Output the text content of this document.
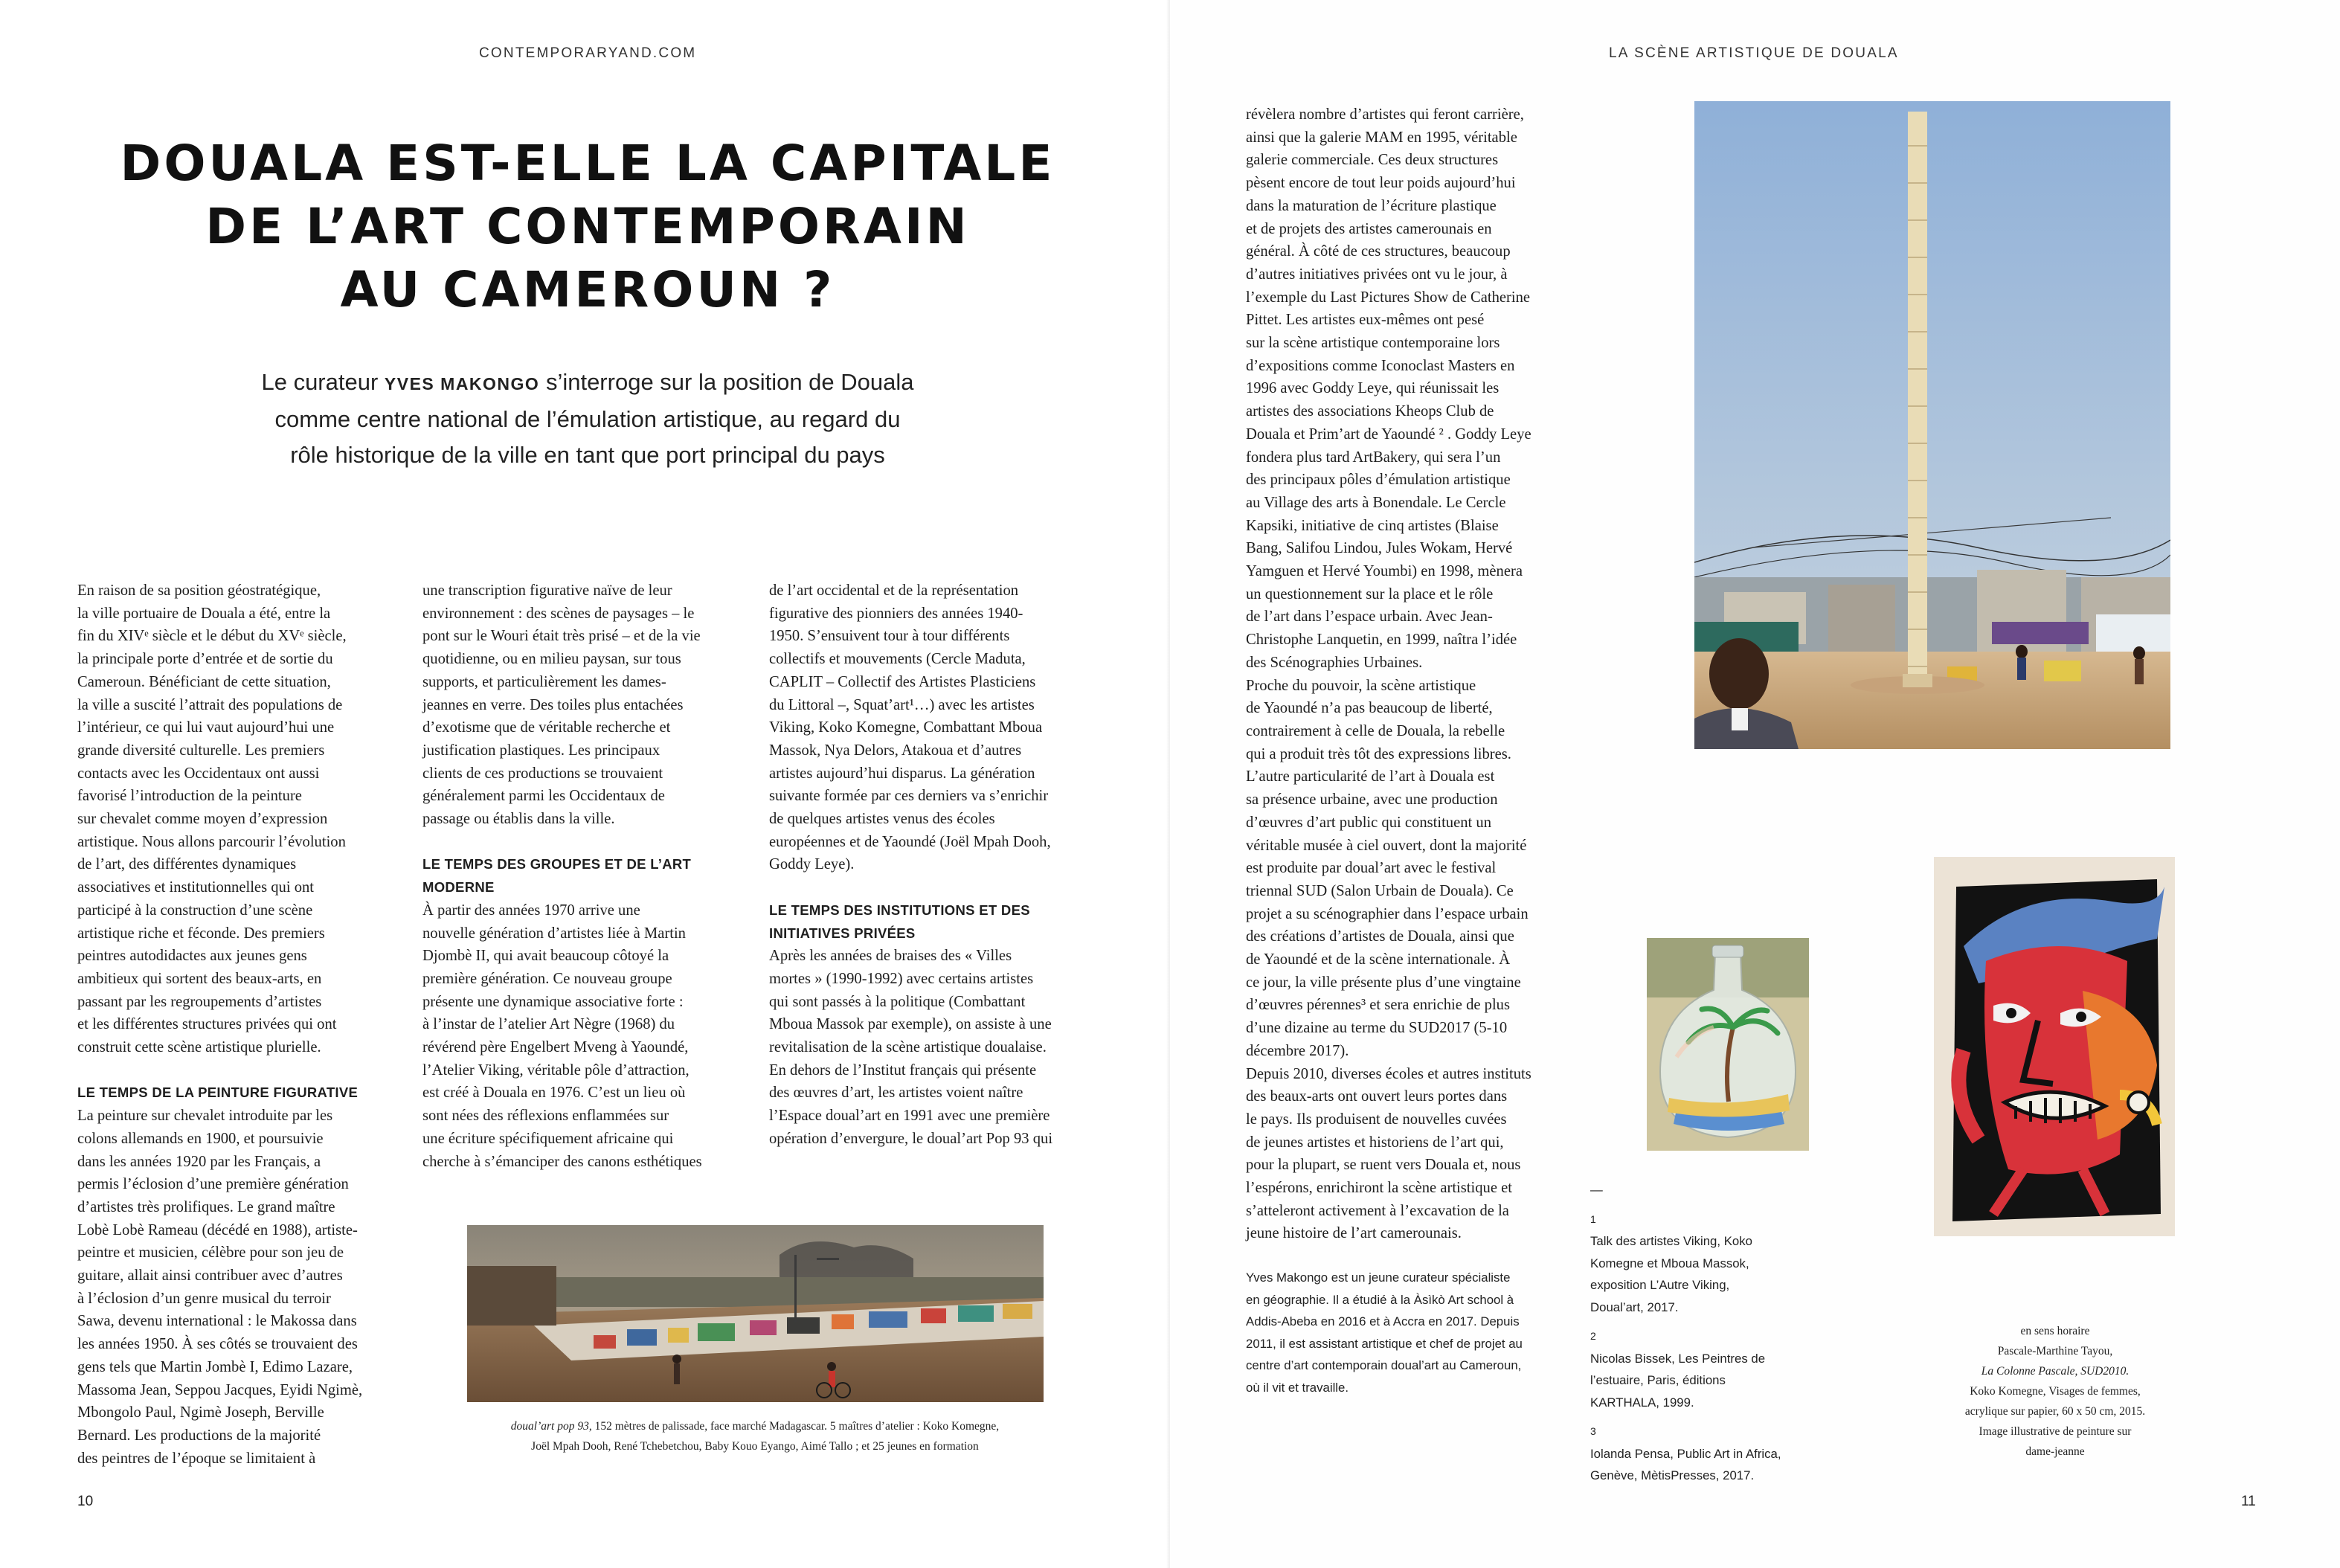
CONTEMPORARYAND.COM
DOUALA EST-ELLE LA CAPITALE
DE L’ART CONTEMPORAIN
AU CAMEROUN ?
Le curateur YVES MAKONGO s’interroge sur la position de Douala
comme centre national de l’émulation artistique, au regard du
rôle historique de la ville en tant que port principal du pays
En raison de sa position géostratégique,
la ville portuaire de Douala a été, entre la
fin du XIVᵉ siècle et le début du XVᵉ siècle,
la principale porte d’entrée et de sortie du
Cameroun. Bénéficiant de cette situation,
la ville a suscité l’attrait des populations de
l’intérieur, ce qui lui vaut aujourd’hui une
grande diversité culturelle. Les premiers
contacts avec les Occidentaux ont aussi
favorisé l’introduction de la peinture
sur chevalet comme moyen d’expression
artistique. Nous allons parcourir l’évolution
de l’art, des différentes dynamiques
associatives et institutionnelles qui ont
participé à la construction d’une scène
artistique riche et féconde. Des premiers
peintres autodidactes aux jeunes gens
ambitieux qui sortent des beaux-arts, en
passant par les regroupements d’artistes
et les différentes structures privées qui ont
construit cette scène artistique plurielle.
LE TEMPS DE LA PEINTURE FIGURATIVE
La peinture sur chevalet introduite par les
colons allemands en 1900, et poursuivie
dans les années 1920 par les Français, a
permis l’éclosion d’une première génération
d’artistes très prolifiques. Le grand maître
Lobè Lobè Rameau (décédé en 1988), artiste-
peintre et musicien, célèbre pour son jeu de
guitare, allait ainsi contribuer avec d’autres
à l’éclosion d’un genre musical du terroir
Sawa, devenu international : le Makossa dans
les années 1950. À ses côtés se trouvaient des
gens tels que Martin Jombè I, Edimo Lazare,
Massoma Jean, Seppou Jacques, Eyidi Ngimè,
Mbongolo Paul, Ngimè Joseph, Berville
Bernard. Les productions de la majorité
des peintres de l’époque se limitaient à
une transcription figurative naïve de leur
environnement : des scènes de paysages – le
pont sur le Wouri était très prisé – et de la vie
quotidienne, ou en milieu paysan, sur tous
supports, et particulièrement les dames-
jeannes en verre. Des toiles plus entachées
d’exotisme que de véritable recherche et
justification plastiques. Les principaux
clients de ces productions se trouvaient
généralement parmi les Occidentaux de
passage ou établis dans la ville.
LE TEMPS DES GROUPES ET DE L’ART MODERNE
À partir des années 1970 arrive une
nouvelle génération d’artistes liée à Martin
Djombè II, qui avait beaucoup côtoyé la
première génération. Ce nouveau groupe
présente une dynamique associative forte :
à l’instar de l’atelier Art Nègre (1968) du
révérend père Engelbert Mveng à Yaoundé,
l’Atelier Viking, véritable pôle d’attraction,
est créé à Douala en 1976. C’est un lieu où
sont nées des réflexions enflammées sur
une écriture spécifiquement africaine qui
cherche à s’émanciper des canons esthétiques
de l’art occidental et de la représentation
figurative des pionniers des années 1940-
1950. S’ensuivent tour à tour différents
collectifs et mouvements (Cercle Maduta,
CAPLIT – Collectif des Artistes Plasticiens
du Littoral –, Squat’art¹…) avec les artistes
Viking, Koko Komegne, Combattant Mboua
Massok, Nya Delors, Atakoua et d’autres
artistes aujourd’hui disparus. La génération
suivante formée par ces derniers va s’enrichir
de quelques artistes venus des écoles
européennes et de Yaoundé (Joël Mpah Dooh,
Goddy Leye).
LE TEMPS DES INSTITUTIONS ET DES
INITIATIVES PRIVÉES
Après les années de braises des « Villes
mortes » (1990-1992) avec certains artistes
qui sont passés à la politique (Combattant
Mboua Massok par exemple), on assiste à une
revitalisation de la scène artistique doualaise.
En dehors de l’Institut français qui présente
des œuvres d’art, les artistes voient naître
l’Espace doual’art en 1991 avec une première
opération d’envergure, le doual’art Pop 93 qui
doual’art pop 93, 152 mètres de palissade, face marché Madagascar. 5 maîtres d’atelier : Koko Komegne,
Joël Mpah Dooh, René Tchebetchou, Baby Kouo Eyango, Aimé Tallo ; et 25 jeunes en formation
10
LA SCÈNE ARTISTIQUE DE DOUALA
révèlera nombre d’artistes qui feront carrière,
ainsi que la galerie MAM en 1995, véritable
galerie commerciale. Ces deux structures
pèsent encore de tout leur poids aujourd’hui
dans la maturation de l’écriture plastique
et de projets des artistes camerounais en
général. À côté de ces structures, beaucoup
d’autres initiatives privées ont vu le jour, à
l’exemple du Last Pictures Show de Catherine
Pittet. Les artistes eux-mêmes ont pesé
sur la scène artistique contemporaine lors
d’expositions comme Iconoclast Masters en
1996 avec Goddy Leye, qui réunissait les
artistes des associations Kheops Club de
Douala et Prim’art de Yaoundé ² . Goddy Leye
fondera plus tard ArtBakery, qui sera l’un
des principaux pôles d’émulation artistique
au Village des arts à Bonendale. Le Cercle
Kapsiki, initiative de cinq artistes (Blaise
Bang, Salifou Lindou, Jules Wokam, Hervé
Yamguen et Hervé Youmbi) en 1998, mènera
un questionnement sur la place et le rôle
de l’art dans l’espace urbain. Avec Jean-
Christophe Lanquetin, en 1999, naîtra l’idée
des Scénographies Urbaines.
Proche du pouvoir, la scène artistique
de Yaoundé n’a pas beaucoup de liberté,
contrairement à celle de Douala, la rebelle
qui a produit très tôt des expressions libres.
L’autre particularité de l’art à Douala est
sa présence urbaine, avec une production
d’œuvres d’art public qui constituent un
véritable musée à ciel ouvert, dont la majorité
est produite par doual’art avec le festival
triennal SUD (Salon Urbain de Douala). Ce
projet a su scénographier dans l’espace urbain
des créations d’artistes de Douala, ainsi que
de Yaoundé et de la scène internationale. À
ce jour, la ville présente plus d’une vingtaine
d’œuvres pérennes³ et sera enrichie de plus
d’une dizaine au terme du SUD2017 (5-10
décembre 2017).
Depuis 2010, diverses écoles et autres instituts
des beaux-arts ont ouvert leurs portes dans
le pays. Ils produisent de nouvelles cuvées
de jeunes artistes et historiens de l’art qui,
pour la plupart, se ruent vers Douala et, nous
l’espérons, enrichiront la scène artistique et
s’atteleront activement à l’excavation de la
jeune histoire de l’art camerounais.
Yves Makongo est un jeune curateur spécialiste
en géographie. Il a étudié à la Àsìkò Art school à
Addis-Abeba en 2016 et à Accra en 2017. Depuis
2011, il est assistant artistique et chef de projet au
centre d’art contemporain doual’art au Cameroun,
où il vit et travaille.
—
1
Talk des artistes Viking, Koko
Komegne et Mboua Massok,
exposition L’Autre Viking,
Doual’art, 2017.
2
Nicolas Bissek, Les Peintres de
l’estuaire, Paris, éditions
KARTHALA, 1999.
3
Iolanda Pensa, Public Art in Africa,
Genève, MètisPresses, 2017.
en sens horaire
Pascale-Marthine Tayou,
La Colonne Pascale, SUD2010.
Koko Komegne, Visages de femmes,
acrylique sur papier, 60 x 50 cm, 2015.
Image illustrative de peinture sur
dame-jeanne
11
